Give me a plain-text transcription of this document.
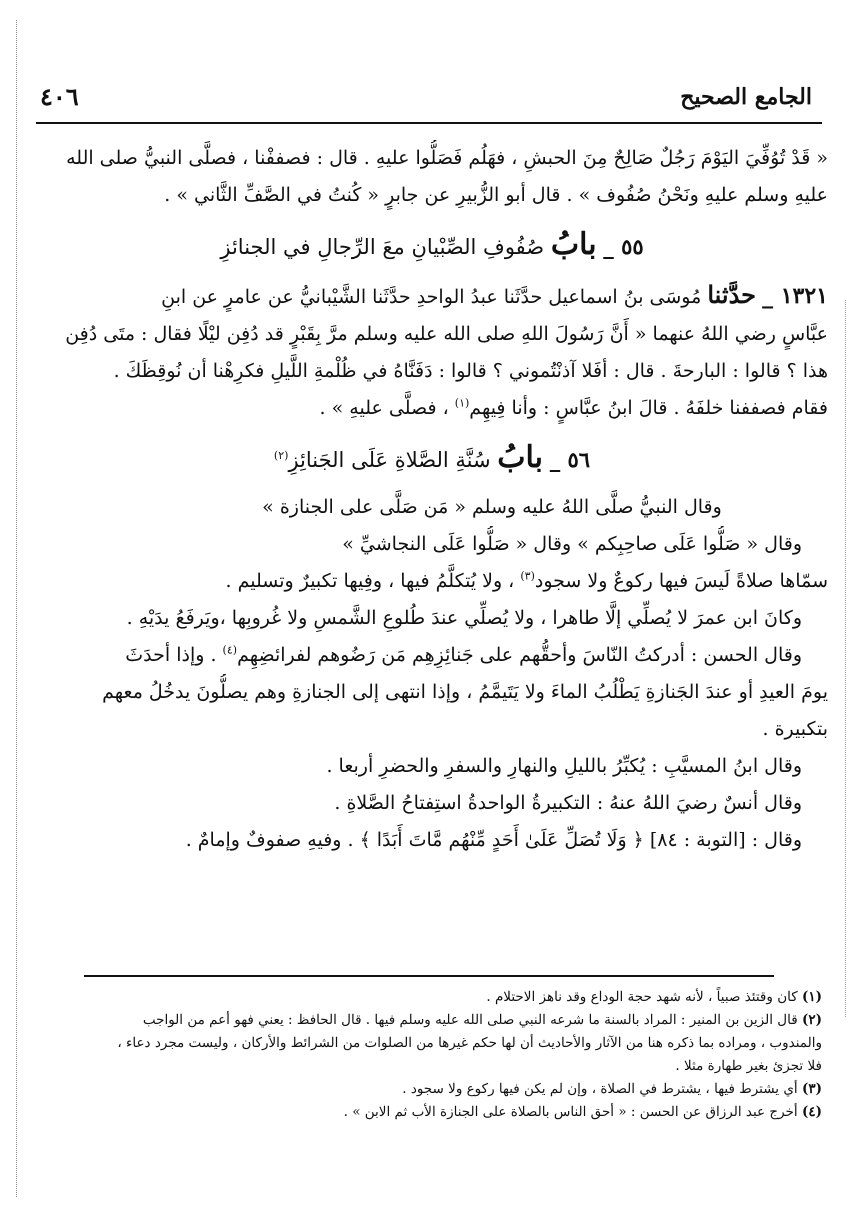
الجامع الصحيح
٤٠٦
« قَدْ تُوُفِّيَ اليَوْمَ رَجُلٌ صَالِحٌ مِنَ الحبشِ ، فهَلُم فَصَلُّوا عليهِ . قال : فصففْنا ، فصلَّى النبيُّ صلى الله
عليهِ وسلم عليهِ ونَحْنُ صُفُوف » . قال أبو الزُّبيرِ عن جابرٍ « كُنتُ في الصَّفِّ الثَّاني » .
٥٥ _ بابُ صُفُوفِ الصِّبْيانِ معَ الرِّجالِ في الجنائزِ
١٣٢١ _ حدَّثنا مُوسَى بنُ اسماعيل حدَّثَنا عبدُ الواحدِ حدَّثَنا الشَّيْبانيُّ عن عامرٍ عن ابنِ
عبَّاسٍ رضي اللهُ عنهما « أَنَّ رَسُولَ اللهِ صلى الله عليه وسلم مرَّ بِقَبْرٍ قد دُفِن ليْلًا فقال : متَى دُفِن
هذا ؟ قالوا : البارحةَ . قال : أفَلا آذنْتُموني ؟ قالوا : دَفَنَّاهُ في ظُلْمةِ اللَّيلِ فكرِهْنا أن نُوقِظَكَ .
فقام فصففنا خلفَهُ . قالَ ابنُ عبَّاسٍ : وأنا فِيهِم$^{(١)}$ ، فصلَّى عليهِ » .
٥٦ _ بابُ سُنَّةِ الصَّلاةِ عَلَى الجَنائِزِ$^{(٢)}$
وقال النبيُّ صلَّى اللهُ عليه وسلم « مَن صَلَّى على الجنازة »
وقال « صَلُّوا عَلَى صاحِبِكم » وقال « صَلُّوا عَلَى النجاشيِّ »
سمّاها صلاةً لَيسَ فيها ركوعٌ ولا سجود$^{(٣)}$ ، ولا يُتكلَّمُ فيها ، وفِيها تكبيرٌ وتسليم .
وكانَ ابن عمرَ لا يُصلِّي إلَّا طاهرا ، ولا يُصلِّي عندَ طُلوعِ الشَّمسِ ولا غُروبِها ،ويَرفَعُ يدَيْهِ .
وقال الحسن : أدركتُ النّاسَ وأحقُّهم على جَنائِزِهِم مَن رَضُوهم لفرائضِهِم$^{(٤)}$ . وإذا أحدَثَ
يومَ العيدِ أو عندَ الجَنازةِ يَطْلُبُ الماءَ ولا يَتَيمَّمُ ، وإذا انتهى إلى الجنازةِ وهم يصلُّونَ يدخُلُ معهم
بتكبيرة .
وقال ابنُ المسيَّبِ : يُكبِّرُ بالليلِ والنهارِ والسفرِ والحضرِ أربعا .
وقال أنسٌ رضيَ اللهُ عنهُ : التكبيرةُ الواحدةُ استِفتاحُ الصَّلاةِ .
وقال : [التوبة : ٨٤] ﴿ وَلَا تُصَلِّ عَلَىٰ أَحَدٍ مِّنْهُم مَّاتَ أَبَدًا ﴾ . وفيهِ صفوفٌ وإمامٌ .
(١) كان وقتئذ صبياً ، لأنه شهد حجة الوداع وقد ناهز الاحتلام .
(٢) قال الزين بن المنير : المراد بالسنة ما شرعه النبي صلى الله عليه وسلم فيها . قال الحافظ : يعني فهو أعم من الواجب
والمندوب ، ومراده بما ذكره هنا من الآثار والأحاديث أن لها حكم غيرها من الصلوات من الشرائط والأركان ، وليست مجرد دعاء ،
فلا تجزئ بغير طهارة مثلا .
(٣) أي يشترط فيها ، يشترط في الصلاة ، وإن لم يكن فيها ركوع ولا سجود .
(٤) أخرج عبد الرزاق عن الحسن : « أحق الناس بالصلاة على الجنازة الأب ثم الابن » .
